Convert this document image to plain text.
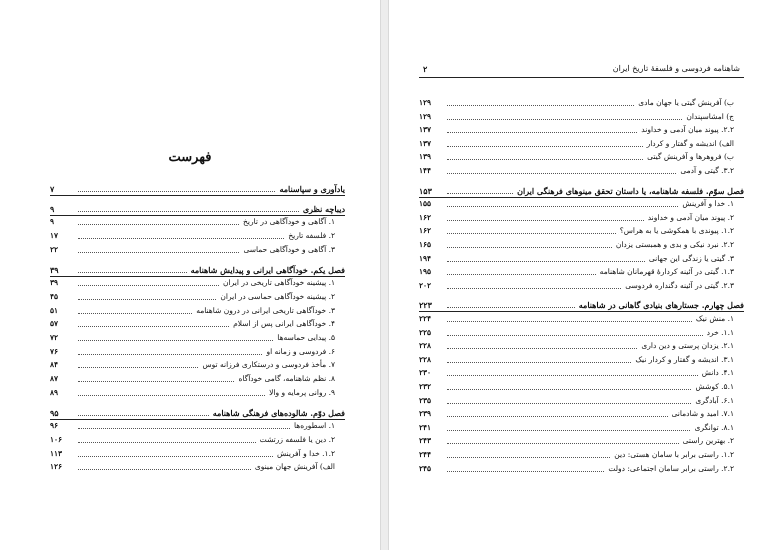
فهرست
یادآوری و سپاسنامه
۷
دیباچه نظری
۹
۱. آگاهی و خودآگاهی در تاریخ
۹
۲. فلسفه تاریخ
۱۷
۳. آگاهی و خودآگاهی حماسی
۲۲
فصل یکم. خودآگاهی ایرانی و پیدایش شاهنامه
۳۹
۱. پیشینه خودآگاهی تاریخی در ایران
۳۹
۲. پیشینه خودآگاهی حماسی در ایران
۴۵
۳. خودآگاهی تاریخی ایرانی در درون شاهنامه
۵۱
۴. خودآگاهی ایرانی پس از اسلام
۵۷
۵. پیدایی حماسه‌ها
۷۲
۶. فردوسی و زمانه او
۷۶
۷. مأخذ فردوسی و درستکاری فرزانه توس
۸۴
۸. نظم شاهنامه، گامی خودآگاه
۸۷
۹. روانی پرمایه و والا
۸۹
فصل دوّم. شالوده‌های فرهنگی شاهنامه
۹۵
۱. اسطوره‌ها
۹۶
۲. دین یا فلسفه زرتشت
۱۰۶
۱.۲. خدا و آفرینش
۱۱۳
الف) آفرینش جهان مینوی
۱۲۶
شاهنامه فردوسی و فلسفهٔ تاریخ ایران
۲
ب) آفرینش گیتی یا جهان مادی
۱۲۹
ج) امشاسپندان
۱۲۹
۲.۲. پیوند میان آدمی و خداوند
۱۳۷
الف) اندیشه و گفتار و کردار
۱۳۷
ب) فروهرها و آفرینش گیتی
۱۳۹
۳.۲. گیتی و آدمی
۱۴۴
فصل سوّم. فلسفه شاهنامه، یا داستان تحقق مینوهای فرهنگی ایران
۱۵۳
۱. خدا و آفرینش
۱۵۵
۲. پیوند میان آدمی و خداوند
۱۶۲
۱.۲. پیوندی با همکوشی یا به هراس؟
۱۶۲
۲.۲. نبرد نیکی و بدی و همبستی یزدان
۱۶۵
۳. گیتی یا زندگی این جهانی
۱۹۴
۱.۳. گیتی در آئینه کردارهٔ قهرمانان شاهنامه
۱۹۵
۲.۳. گیتی در آئینه دگنداره فردوسی
۲۰۲
فصل چهارم. جستارهای بنیادی گاهانی در شاهنامه
۲۲۳
۱. منش نیک
۲۲۴
۱.۱. خرد
۲۲۵
۲.۱. یزدان پرستی و دین داری
۲۲۸
۳.۱. اندیشه و گفتار و کردار نیک
۲۲۸
۴.۱. دانش
۲۳۰
۵.۱. کوشش
۲۳۲
۶.۱. آبادگری
۲۳۵
۷.۱. امید و شادمانی
۲۳۹
۸.۱. توانگری
۲۴۱
۲. بهترین راستی
۲۴۳
۱.۲. راستی برابر با سامان هستی: دین
۲۴۴
۲.۲. راستی برابر سامان اجتماعی: دولت
۲۴۵
